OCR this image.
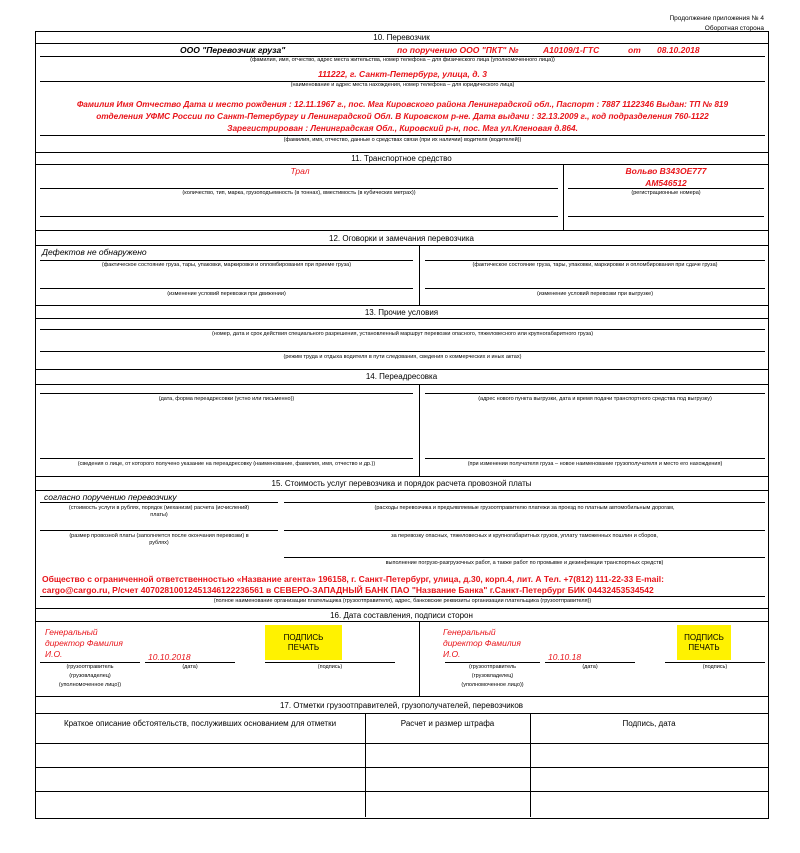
Продолжение приложения № 4
Оборотная сторона
10. Перевозчик
ООО "Перевозчик груза"	по поручению ООО "ПКТ" №	А10109/1-ГТС	от 08.10.2018
(фамилия, имя, отчество, адрес места жительства, номер телефона – для физического лица (уполномоченного лица))
111222, г. Санкт-Петербург, улица, д. 3
(наименование и адрес места нахождения, номер телефона – для юридического лица)
Фамилия Имя Отчество Дата и место рождения : 12.11.1967 г., пос. Мга Кировского района Ленинградской обл., Паспорт : 7887 1122346 Выдан: ТП № 819
отделения УФМС России по Санкт-Петербургу и Ленинградской Обл. В Кировском р-не. Дата выдачи : 32.13.2009 г., код подразделения 760-1122
Зарегистрирован : Ленинградская Обл., Кировский р-н, пос. Мга ул.Кленовая д.864.
(фамилия, имя, отчество, данные о средствах связи (при их наличии) водителя (водителей))
11. Транспортное средство
Трал	Вольво В343ОЕ777
АМ546512
(количество, тип, марка, грузоподъемность (в тоннах), вместимость (в кубических метрах))	(регистрационные номера)
12. Оговорки и замечания перевозчика
Дефектов не обнаружено
(фактическое состояние груза, тары, упаковки, маркировки и опломбирования при приеме груза)	(фактическое состояние груза, тары, упаковки, маркировки и опломбирования при сдаче груза)
(изменение условий перевозки при движении)	(изменение условий перевозки при выгрузке)
13. Прочие условия
(номер, дата и срок действия специального разрешения, установленный маршрут перевозки опасного, тяжеловесного или крупногабаритного груза)
(режим труда и отдыха водителя в пути следования, сведения о коммерческих и иных актах)
14. Переадресовка
(дата, форма переадресовки (устно или письменно))	(адрес нового пункта выгрузки, дата и время подачи транспортного средства под выгрузку)
(сведения о лице, от которого получено указание на переадресовку (наименование, фамилия, имя, отчество и др.))	(при изменении получателя груза – новое наименование грузополучателя и место его нахождения)
15. Стоимость услуг перевозчика и порядок расчета провозной платы
согласно поручению перевозчику
(стоимость услуги в рублях, порядок (механизм) расчета (исчислений)
платы)
(расходы перевозчика и предъявляемые грузоотправителю платежи за проезд по платным автомобильным дорогам,
(размер провозной платы (заполняется после окончания перевозки) в
рублях)
за перевозку опасных, тяжеловесных и крупногабаритных грузов, уплату таможенных пошлин и сборов,
выполнение погрузо-разгрузочных работ, а также работ по промывке и дезинфекции транспортных средств)
Общество с ограниченной ответственностью «Название агента» 196158, г. Санкт-Петербург, улица, д.30, корп.4, лит. А Тел. +7(812) 111-22-33 E-mail:
cargo@cargo.ru, Р/счет 40702810012451346122236561 в СЕВЕРО-ЗАПАДНЫЙ БАНК ПАО "Название Банка" г.Санкт-Петербург БИК 04432453534542
(полное наименование организации плательщика (грузоотправителя), адрес, банковские реквизиты организации плательщика (грузоотправителя))
16. Дата составления, подписи сторон
Генеральный
директор Фамилия
И.О.	10.10.2018
ПОДПИСЬ
ПЕЧАТЬ
(грузоотправитель
(грузовладелец)
(уполномоченное лицо))
(дата)	(подпись)
Генеральный
директор Фамилия
И.О.	10.10.18
ПОДПИСЬ
ПЕЧАТЬ
(грузоотправитель
(грузовладелец)
(уполномоченное лицо))
(дата)	(подпись)
17. Отметки грузоотправителей, грузополучателей, перевозчиков
Краткое описание обстоятельств, послуживших основанием для отметки	Расчет и размер штрафа	Подпись, дата
